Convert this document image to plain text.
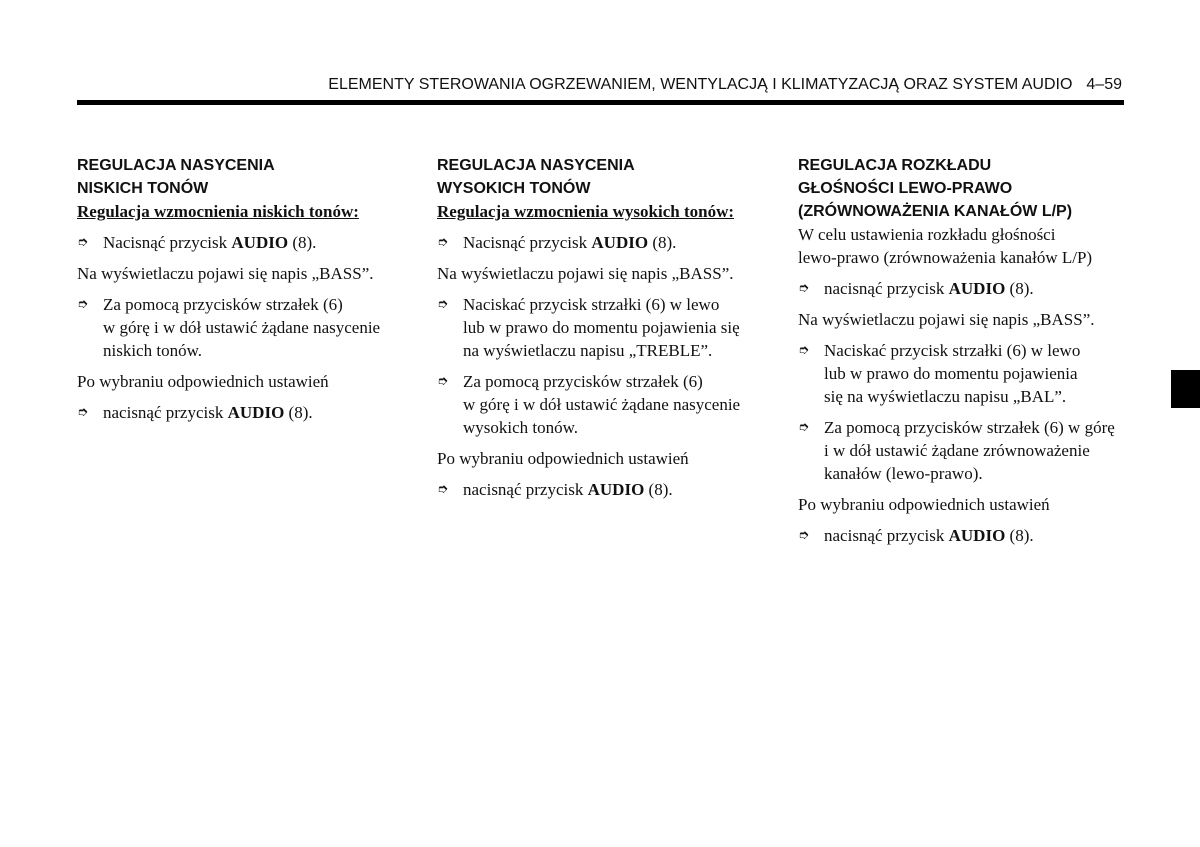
ELEMENTY STEROWANIA OGRZEWANIEM, WENTYLACJĄ I KLIMATYZACJĄ ORAZ SYSTEM AUDIO 4–59

REGULACJA NASYCENIA
NISKICH TONÓW

Regulacja wzmocnienia niskich tonów:

➮ Nacisnąć przycisk AUDIO (8).

Na wyświetlaczu pojawi się napis „BASS”.

➮ Za pomocą przycisków strzałek (6)
w górę i w dół ustawić żądane nasycenie
niskich tonów.

Po wybraniu odpowiednich ustawień

➮ nacisnąć przycisk AUDIO (8).

REGULACJA NASYCENIA
WYSOKICH TONÓW

Regulacja wzmocnienia wysokich tonów:

➮ Nacisnąć przycisk AUDIO (8).

Na wyświetlaczu pojawi się napis „BASS”.

➮ Naciskać przycisk strzałki (6) w lewo
lub w prawo do momentu pojawienia się
na wyświetlaczu napisu „TREBLE”.
➮ Za pomocą przycisków strzałek (6)
w górę i w dół ustawić żądane nasycenie
wysokich tonów.

Po wybraniu odpowiednich ustawień

➮ nacisnąć przycisk AUDIO (8).

REGULACJA ROZKŁADU
GŁOŚNOŚCI LEWO-PRAWO
(ZRÓWNOWAŻENIA KANAŁÓW L/P)

W celu ustawienia rozkładu głośności
lewo-prawo (zrównoważenia kanałów L/P)

➮ nacisnąć przycisk AUDIO (8).

Na wyświetlaczu pojawi się napis „BASS”.

➮ Naciskać przycisk strzałki (6) w lewo
lub w prawo do momentu pojawienia
się na wyświetlaczu napisu „BAL”.
➮ Za pomocą przycisków strzałek (6) w górę
i w dół ustawić żądane zrównoważenie
kanałów (lewo-prawo).

Po wybraniu odpowiednich ustawień

➮ nacisnąć przycisk AUDIO (8).
